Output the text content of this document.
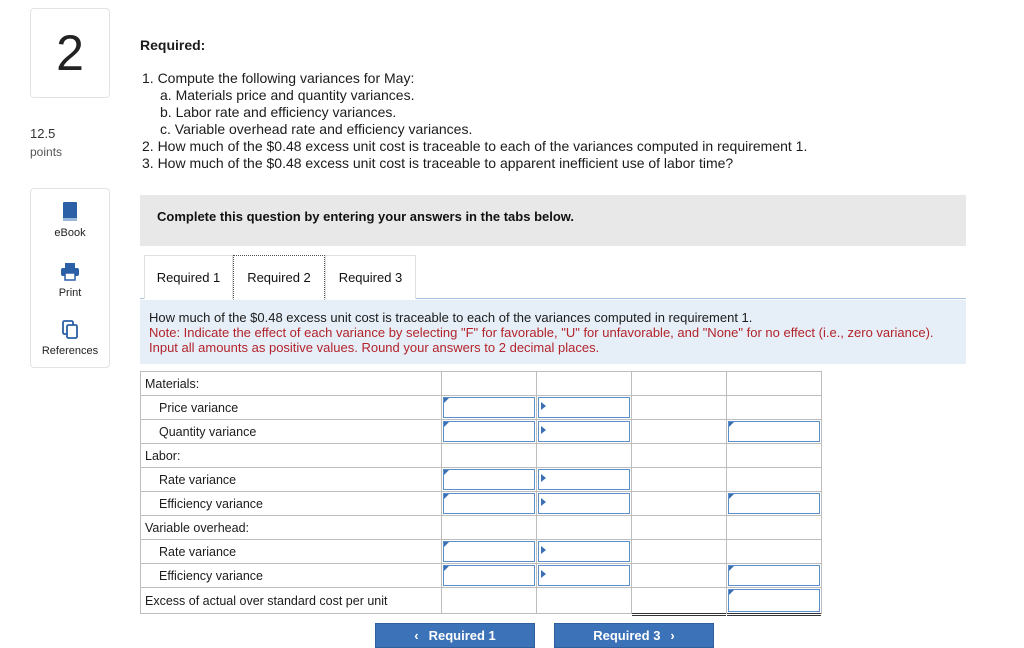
2
12.5
points
eBook
Print
References
Required:
1. Compute the following variances for May:
a. Materials price and quantity variances.
b. Labor rate and efficiency variances.
c. Variable overhead rate and efficiency variances.
2. How much of the $0.48 excess unit cost is traceable to each of the variances computed in requirement 1.
3. How much of the $0.48 excess unit cost is traceable to apparent inefficient use of labor time?
Complete this question by entering your answers in the tabs below.
Required 1	Required 2	Required 3
How much of the $0.48 excess unit cost is traceable to each of the variances computed in requirement 1.
Note: Indicate the effect of each variance by selecting "F" for favorable, "U" for unfavorable, and "None" for no effect (i.e., zero variance). Input all amounts as positive values. Round your answers to 2 decimal places.
Materials:				
Price variance	

Quantity variance	

Labor:				
Rate variance	

Efficiency variance	

Variable overhead:				
Rate variance	

Efficiency variance	

Excess of actual over standard cost per unit			

‹ Required 1	Required 3 ›
